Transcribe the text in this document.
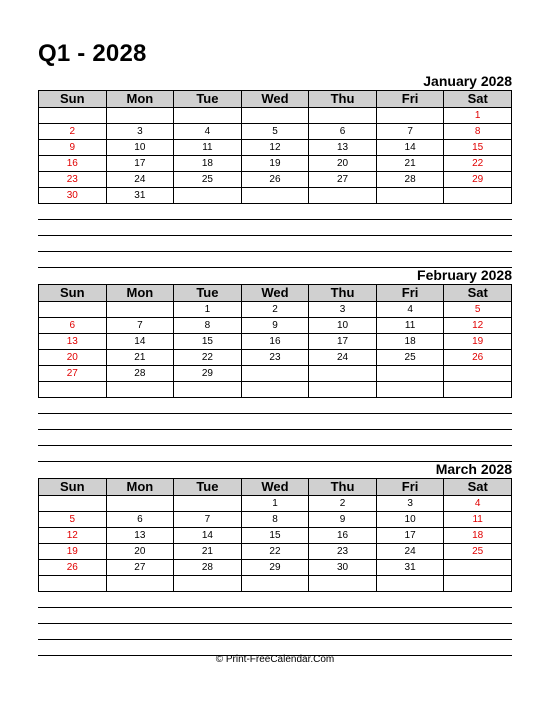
Q1 - 2028
January 2028
Sun	Mon	Tue	Wed	Thu	Fri	Sat
						1
2	3	4	5	6	7	8
9	10	11	12	13	14	15
16	17	18	19	20	21	22
23	24	25	26	27	28	29
30	31					
February 2028
Sun	Mon	Tue	Wed	Thu	Fri	Sat
		1	2	3	4	5
6	7	8	9	10	11	12
13	14	15	16	17	18	19
20	21	22	23	24	25	26
27	28	29				

March 2028
Sun	Mon	Tue	Wed	Thu	Fri	Sat
			1	2	3	4
5	6	7	8	9	10	11
12	13	14	15	16	17	18
19	20	21	22	23	24	25
26	27	28	29	30	31	

© Print-FreeCalendar.Com
